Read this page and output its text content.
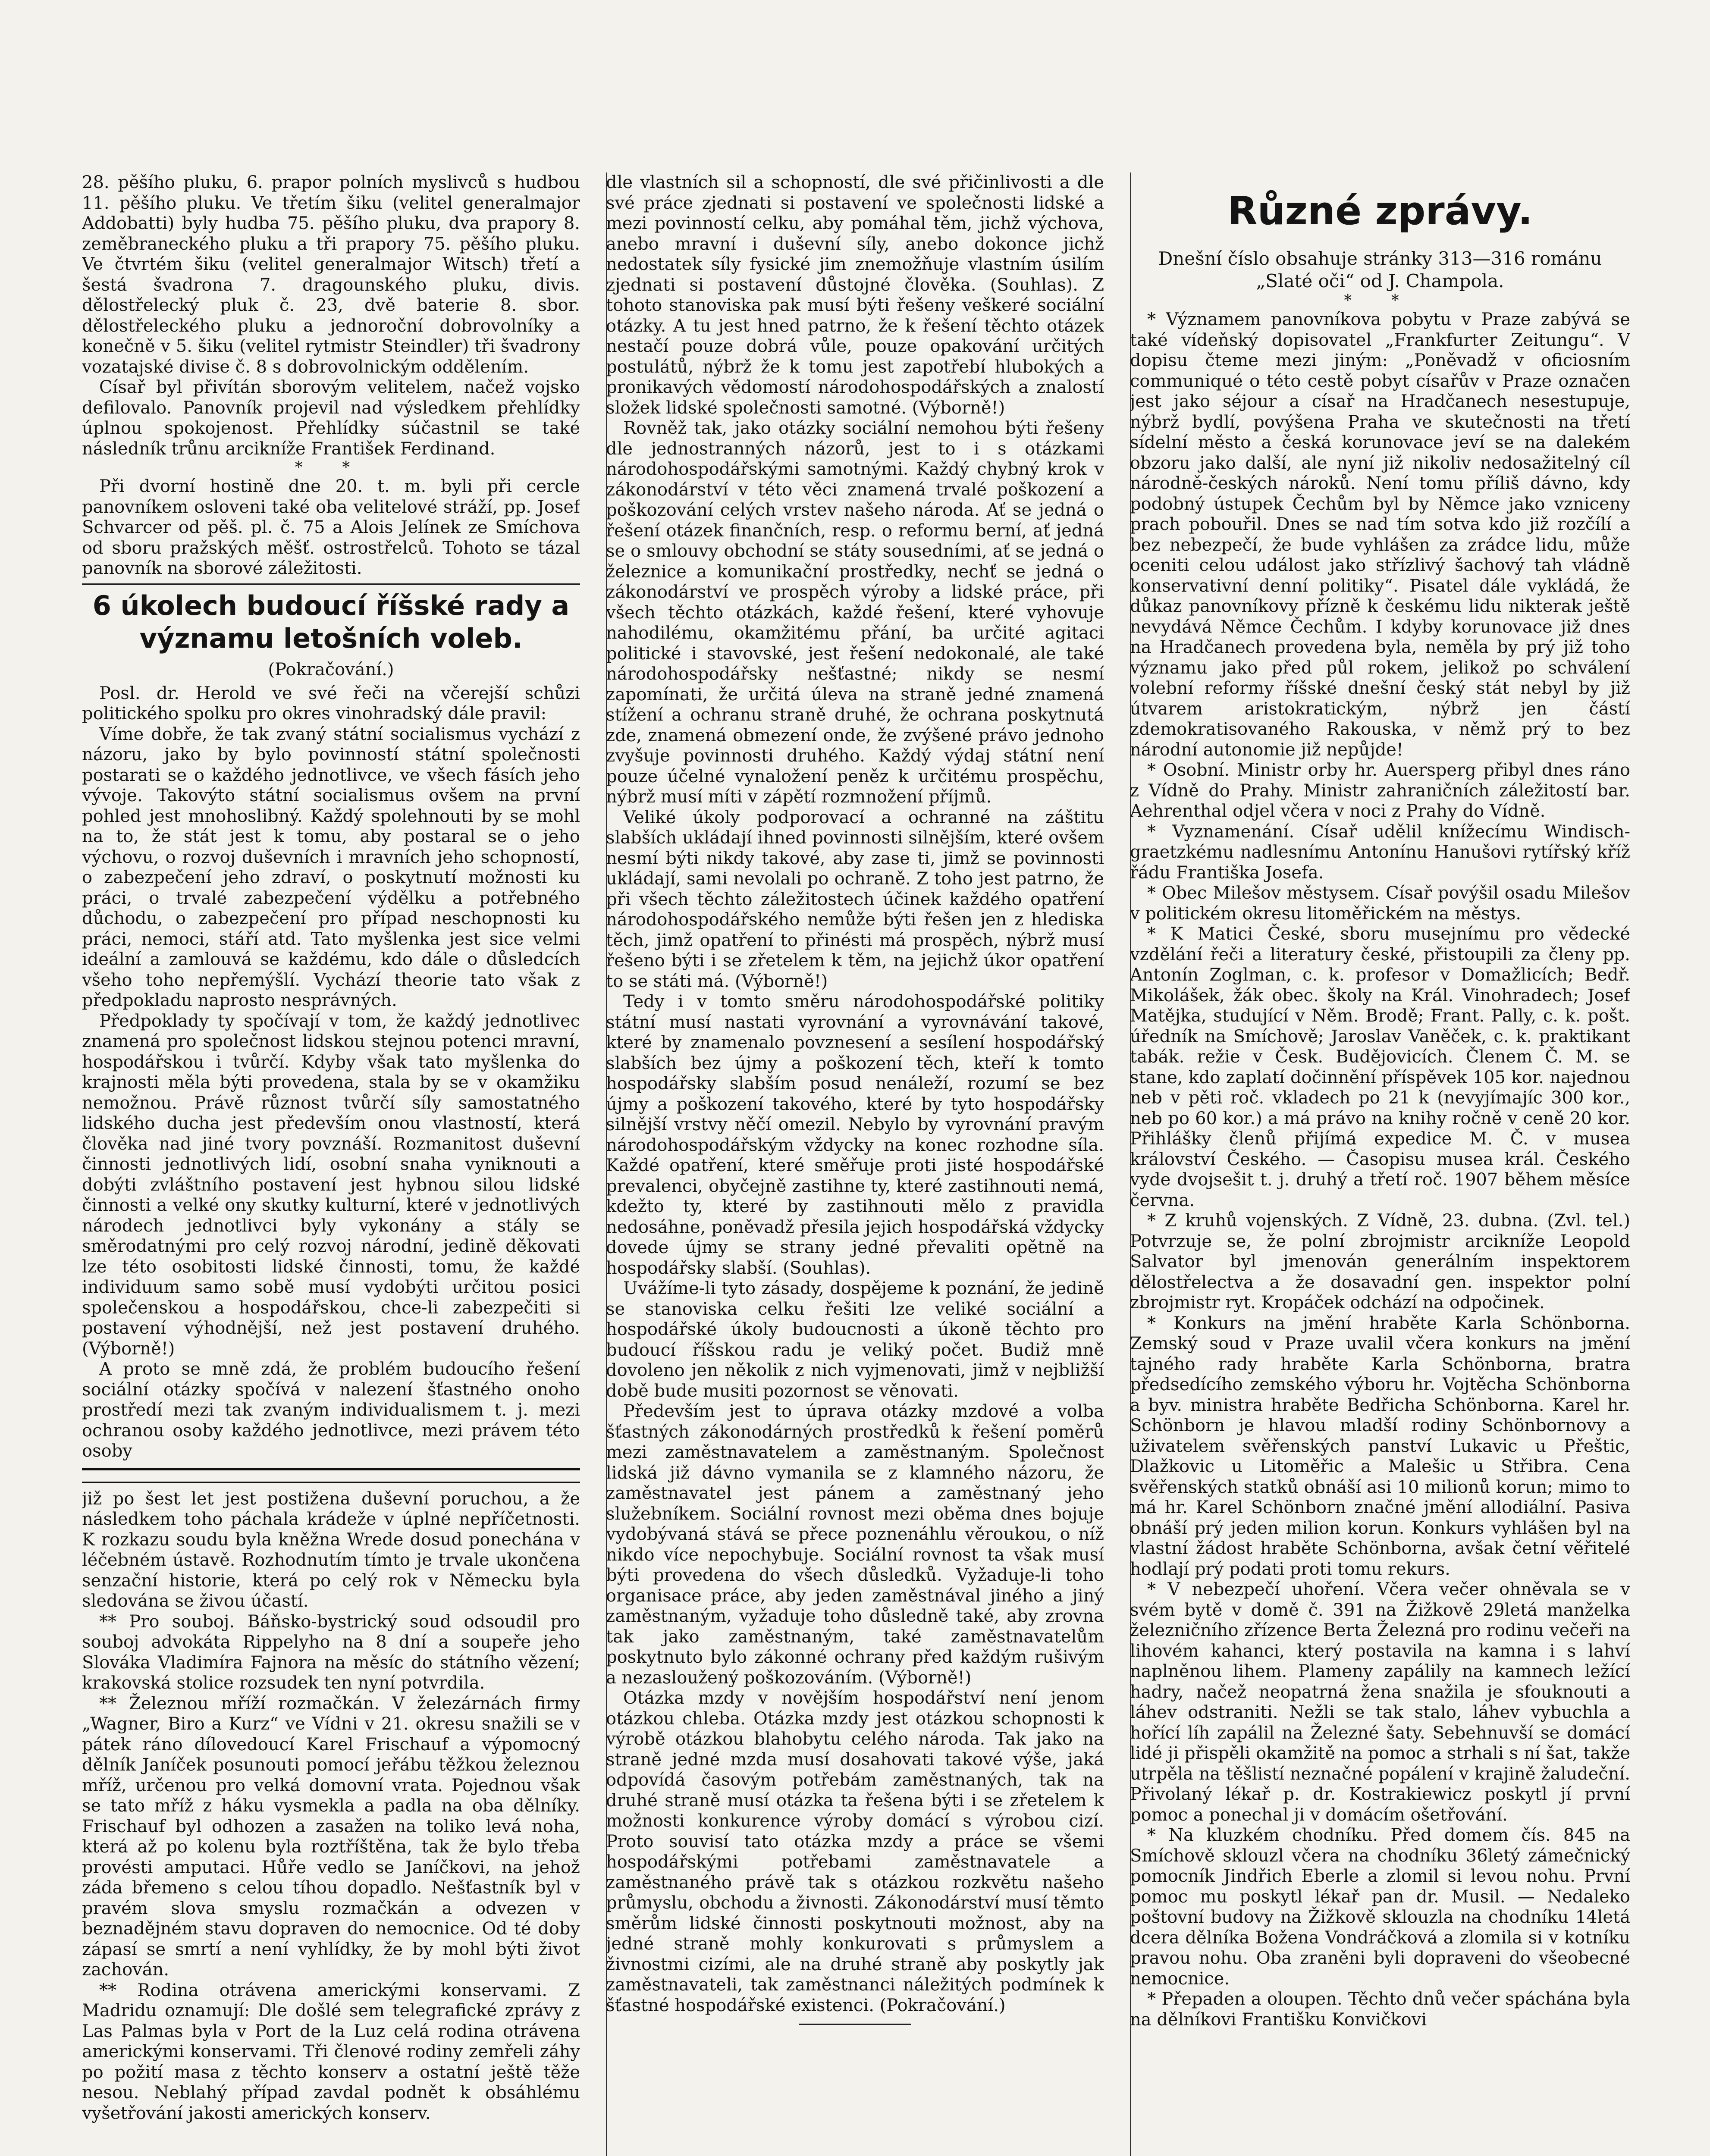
28. pěšího pluku, 6. prapor polních myslivců s hudbou 11. pěšího pluku. Ve třetím šiku (velitel generalmajor Addobatti) byly hudba 75. pěšího pluku, dva prapory 8. zeměbraneckého pluku a tři prapory 75. pěšího pluku. Ve čtvrtém šiku (velitel generalmajor Witsch) třetí a šestá švadrona 7. dragounského pluku, divis. dělostřelecký pluk č. 23, dvě baterie 8. sbor. dělostřeleckého pluku a jednoroční dobrovolníky a konečně v 5. šiku (velitel rytmistr Steindler) tři švadrony vozatajské divise č. 8 s dobrovolnickým oddělením.

Císař byl přivítán sborovým velitelem, načež vojsko defilovalo. Panovník projevil nad výsledkem přehlídky úplnou spokojenost. Přehlídky súčastnil se také následník trůnu arcikníže František Ferdinand.

* *

Při dvorní hostině dne 20. t. m. byli při cercle panovníkem osloveni také oba velitelové stráží, pp. Josef Schvarcer od pěš. pl. č. 75 a Alois Jelínek ze Smíchova od sboru pražských měšť. ostrostřelců. Tohoto se tázal panovník na sborové záležitosti.

6 úkolech budoucí říšské rady a významu letošních voleb.
(Pokračování.)

Posl. dr. Herold ve své řeči na včerejší schůzi politického spolku pro okres vinohradský dále pravil:

Víme dobře, že tak zvaný státní socialismus vychází z názoru, jako by bylo povinností státní společnosti postarati se o každého jednotlivce, ve všech fásích jeho vývoje. Takovýto státní socialismus ovšem na první pohled jest mnohoslibný. Každý spolehnouti by se mohl na to, že stát jest k tomu, aby postaral se o jeho výchovu, o rozvoj duševních i mravních jeho schopností, o zabezpečení jeho zdraví, o poskytnutí možnosti ku práci, o trvalé zabezpečení výdělku a potřebného důchodu, o zabezpečení pro případ neschopnosti ku práci, nemoci, stáří atd. Tato myšlenka jest sice velmi ideální a zamlouvá se každému, kdo dále o důsledcích všeho toho nepřemýšlí. Vychází theorie tato však z předpokladu naprosto nesprávných.

Předpoklady ty spočívají v tom, že každý jednotlivec znamená pro společnost lidskou stejnou potenci mravní, hospodářskou i tvůrčí. Kdyby však tato myšlenka do krajnosti měla býti provedena, stala by se v okamžiku nemožnou. Právě různost tvůrčí síly samostatného lidského ducha jest především onou vlastností, která člověka nad jiné tvory povznáší. Rozmanitost duševní činnosti jednotlivých lidí, osobní snaha vyniknouti a dobýti zvláštního postavení jest hybnou silou lidské činnosti a velké ony skutky kulturní, které v jednotlivých národech jednotlivci byly vykonány a stály se směrodatnými pro celý rozvoj národní, jedině děkovati lze této osobitosti lidské činnosti, tomu, že každé individuum samo sobě musí vydobýti určitou posici společenskou a hospodářskou, chce-li zabezpečiti si postavení výhodnější, než jest postavení druhého. (Výborně!)

A proto se mně zdá, že problém budoucího řešení sociální otázky spočívá v nalezení šťastného onoho prostředí mezi tak zvaným individualismem t. j. mezi ochranou osoby každého jednotlivce, mezi právem této osoby

již po šest let jest postižena duševní poruchou, a že následkem toho páchala krádeže v úplné nepříčetnosti. K rozkazu soudu byla kněžna Wrede dosud ponechána v léčebném ústavě. Rozhodnutím tímto je trvale ukončena senzační historie, která po celý rok v Německu byla sledována se živou účastí.

** Pro souboj. Báňsko-bystrický soud odsoudil pro souboj advokáta Rippelyho na 8 dní a soupeře jeho Slováka Vladimíra Fajnora na měsíc do státního vězení; krakovská stolice rozsudek ten nyní potvrdila.

** Železnou mříží rozmačkán. V železárnách firmy „Wagner, Biro a Kurz“ ve Vídni v 21. okresu snažili se v pátek ráno dílovedoucí Karel Frischauf a výpomocný dělník Janíček posunouti pomocí jeřábu těžkou železnou mříž, určenou pro velká domovní vrata. Pojednou však se tato mříž z háku vysmekla a padla na oba dělníky. Frischauf byl odhozen a zasažen na toliko levá noha, která až po kolenu byla roztříštěna, tak že bylo třeba provésti amputaci. Hůře vedlo se Janíčkovi, na jehož záda břemeno s celou tíhou dopadlo. Nešťastník byl v pravém slova smyslu rozmačkán a odvezen v beznadějném stavu dopraven do nemocnice. Od té doby zápasí se smrtí a není vyhlídky, že by mohl býti život zachován.

** Rodina otrávena americkými konservami. Z Madridu oznamují: Dle došlé sem telegrafické zprávy z Las Palmas byla v Port de la Luz celá rodina otrávena americkými konservami. Tři členové rodiny zemřeli záhy po požití masa z těchto konserv a ostatní ještě těže nesou. Neblahý případ zavdal podnět k obsáhlému vyšetřování jakosti amerických konserv.

dle vlastních sil a schopností, dle své přičinlivosti a dle své práce zjednati si postavení ve společnosti lidské a mezi povinností celku, aby pomáhal těm, jichž výchova, anebo mravní i duševní síly, anebo dokonce jichž nedostatek síly fysické jim znemožňuje vlastním úsilím zjednati si postavení důstojné člověka. (Souhlas). Z tohoto stanoviska pak musí býti řešeny veškeré sociální otázky. A tu jest hned patrno, že k řešení těchto otázek nestačí pouze dobrá vůle, pouze opakování určitých postulátů, nýbrž že k tomu jest zapotřebí hlubokých a pronikavých vědomostí národohospodářských a znalostí složek lidské společnosti samotné. (Výborně!)

Rovněž tak, jako otázky sociální nemohou býti řešeny dle jednostranných názorů, jest to i s otázkami národohospodářskými samotnými. Každý chybný krok v zákonodárství v této věci znamená trvalé poškození a poškozování celých vrstev našeho národa. Ať se jedná o řešení otázek finančních, resp. o reformu berní, ať jedná se o smlouvy obchodní se státy sousedními, ať se jedná o železnice a komunikační prostředky, nechť se jedná o zákonodárství ve prospěch výroby a lidské práce, při všech těchto otázkách, každé řešení, které vyhovuje nahodilému, okamžitému přání, ba určité agitaci politické i stavovské, jest řešení nedokonalé, ale také národohospodářsky nešťastné; nikdy se nesmí zapomínati, že určitá úleva na straně jedné znamená stížení a ochranu straně druhé, že ochrana poskytnutá zde, znamená obmezení onde, že zvýšené právo jednoho zvyšuje povinnosti druhého. Každý výdaj státní není pouze účelné vynaložení peněz k určitému prospěchu, nýbrž musí míti v zápětí rozmnožení příjmů.

Veliké úkoly podporovací a ochranné na záštitu slabších ukládají ihned povinnosti silnějším, které ovšem nesmí býti nikdy takové, aby zase ti, jimž se povinnosti ukládají, sami nevolali po ochraně. Z toho jest patrno, že při všech těchto záležitostech účinek každého opatření národohospodářského nemůže býti řešen jen z hlediska těch, jimž opatření to přinésti má prospěch, nýbrž musí řešeno býti i se zřetelem k těm, na jejichž úkor opatření to se státi má. (Výborně!)

Tedy i v tomto směru národohospodářské politiky státní musí nastati vyrovnání a vyrovnávání takové, které by znamenalo povznesení a sesílení hospodářský slabších bez újmy a poškození těch, kteří k tomto hospodářsky slabším posud nenáleží, rozumí se bez újmy a poškození takového, které by tyto hospodářsky silnější vrstvy něčí omezil. Nebylo by vyrovnání pravým národohospodářským vždycky na konec rozhodne síla. Každé opatření, které směřuje proti jisté hospodářské prevalenci, obyčejně zastihne ty, které zastihnouti nemá, kdežto ty, které by zastihnouti mělo z pravidla nedosáhne, poněvadž přesila jejich hospodářská vždycky dovede újmy se strany jedné převaliti opětně na hospodářsky slabší. (Souhlas).

Uvážíme-li tyto zásady, dospějeme k poznání, že jedině se stanoviska celku řešiti lze veliké sociální a hospodářské úkoly budoucnosti a úkoně těchto pro budoucí říšskou radu je veliký počet. Budiž mně dovoleno jen několik z nich vyjmenovati, jimž v nejbližší době bude musiti pozornost se věnovati.

Především jest to úprava otázky mzdové a volba šťastných zákonodárných prostředků k řešení poměrů mezi zaměstnavatelem a zaměstnaným. Společnost lidská již dávno vymanila se z klamného názoru, že zaměstnavatel jest pánem a zaměstnaný jeho služebníkem. Sociální rovnost mezi oběma dnes bojuje vydobývaná stává se přece poznenáhlu věroukou, o níž nikdo více nepochybuje. Sociální rovnost ta však musí býti provedena do všech důsledků. Vyžaduje-li toho organisace práce, aby jeden zaměstnával jiného a jiný zaměstnaným, vyžaduje toho důsledně také, aby zrovna tak jako zaměstnaným, také zaměstnavatelům poskytnuto bylo zákonné ochrany před každým rušivým a nezasloužený poškozováním. (Výborně!)

Otázka mzdy v novějším hospodářství není jenom otázkou chleba. Otázka mzdy jest otázkou schopnosti k výrobě otázkou blahobytu celého národa. Tak jako na straně jedné mzda musí dosahovati takové výše, jaká odpovídá časovým potřebám zaměstnaných, tak na druhé straně musí otázka ta řešena býti i se zřetelem k možnosti konkurence výroby domácí s výrobou cizí. Proto souvisí tato otázka mzdy a práce se všemi hospodářskými potřebami zaměstnavatele a zaměstnaného právě tak s otázkou rozkvětu našeho průmyslu, obchodu a živnosti. Zákonodárství musí těmto směrům lidské činnosti poskytnouti možnost, aby na jedné straně mohly konkurovati s průmyslem a živnostmi cizími, ale na druhé straně aby poskytly jak zaměstnavateli, tak zaměstnanci náležitých podmínek k šťastné hospodářské existenci. (Pokračování.)

Různé zprávy.

Dnešní číslo obsahuje stránky 313—316 románu „Slaté oči“ od J. Champola.

* *

* Významem panovníkova pobytu v Praze zabývá se také vídeňský dopisovatel „Frankfurter Zeitungu“. V dopisu čteme mezi jiným: „Poněvadž v oficiosním communiqué o této cestě pobyt císařův v Praze označen jest jako séjour a císař na Hradčanech nesestupuje, nýbrž bydlí, povýšena Praha ve skutečnosti na třetí sídelní město a česká korunovace jeví se na dalekém obzoru jako další, ale nyní již nikoliv nedosažitelný cíl národně-českých nároků. Není tomu příliš dávno, kdy podobný ústupek Čechům byl by Němce jako vzniceny prach pobouřil. Dnes se nad tím sotva kdo již rozčílí a bez nebezpečí, že bude vyhlášen za zrádce lidu, může oceniti celou událost jako střízlivý šachový tah vládně konservativní denní politiky“. Pisatel dále vykládá, že důkaz panovníkovy přízně k českému lidu nikterak ještě nevydává Němce Čechům. I kdyby korunovace již dnes na Hradčanech provedena byla, neměla by prý již toho významu jako před půl rokem, jelikož po schválení volební reformy říšské dnešní český stát nebyl by již útvarem aristokratickým, nýbrž jen částí zdemokratisovaného Rakouska, v němž prý to bez národní autonomie již nepůjde!

* Osobní. Ministr orby hr. Auersperg přibyl dnes ráno z Vídně do Prahy. Ministr zahraničních záležitostí bar. Aehrenthal odjel včera v noci z Prahy do Vídně.

* Vyznamenání. Císař udělil knížecímu Windisch-graetzkému nadlesnímu Antonínu Hanušovi rytířský kříž řádu Františka Josefa.

* Obec Milešov městysem. Císař povýšil osadu Milešov v politickém okresu litoměřickém na městys.

* K Matici České, sboru musejnímu pro vědecké vzdělání řeči a literatury české, přistoupili za členy pp. Antonín Zoglman, c. k. profesor v Domažlicích; Bedř. Mikolášek, žák obec. školy na Král. Vinohradech; Josef Matějka, studující v Něm. Brodě; Frant. Pally, c. k. pošt. úředník na Smíchově; Jaroslav Vaněček, c. k. praktikant tabák. režie v Česk. Budějovicích. Členem Č. M. se stane, kdo zaplatí dočinnění příspěvek 105 kor. najednou neb v pěti roč. vkladech po 21 k (nevyjímajíc 300 kor., neb po 60 kor.) a má právo na knihy ročně v ceně 20 kor. Přihlášky členů přijímá expedice M. Č. v musea království Českého. — Časopisu musea král. Českého vyde dvojsešit t. j. druhý a třetí roč. 1907 během měsíce června.

* Z kruhů vojenských. Z Vídně, 23. dubna. (Zvl. tel.) Potvrzuje se, že polní zbrojmistr arcikníže Leopold Salvator byl jmenován generálním inspektorem dělostřelectva a že dosavadní gen. inspektor polní zbrojmistr ryt. Kropáček odchází na odpočinek.

* Konkurs na jmění hraběte Karla Schönborna. Zemský soud v Praze uvalil včera konkurs na jmění tajného rady hraběte Karla Schönborna, bratra předsedícího zemského výboru hr. Vojtěcha Schönborna a byv. ministra hraběte Bedřicha Schönborna. Karel hr. Schönborn je hlavou mladší rodiny Schönbornovy a uživatelem svěřenských panství Lukavic u Přeštic, Dlažkovic u Litoměřic a Malešic u Střibra. Cena svěřenských statků obnáší asi 10 milionů korun; mimo to má hr. Karel Schönborn značné jmění allodiální. Pasiva obnáší prý jeden milion korun. Konkurs vyhlášen byl na vlastní žádost hraběte Schönborna, avšak četní věřitelé hodlají prý podati proti tomu rekurs.

* V nebezpečí uhoření. Včera večer ohněvala se v svém bytě v domě č. 391 na Žižkově 29letá manželka železničního zřízence Berta Železná pro rodinu večeři na lihovém kahanci, který postavila na kamna i s lahví naplněnou lihem. Plameny zapálily na kamnech ležící hadry, načež neopatrná žena snažila je sfouknouti a láhev odstraniti. Nežli se tak stalo, láhev vybuchla a hořící líh zapálil na Železné šaty. Sebehnuvší se domácí lidé ji přispěli okamžitě na pomoc a strhali s ní šat, takže utrpěla na těšlistí neznačné popálení v krajině žaludeční. Přivolaný lékař p. dr. Kostrakiewicz poskytl jí první pomoc a ponechal ji v domácím ošetřování.

* Na kluzkém chodníku. Před domem čís. 845 na Smíchově sklouzl včera na chodníku 36letý zámečnický pomocník Jindřich Eberle a zlomil si levou nohu. První pomoc mu poskytl lékař pan dr. Musil. — Nedaleko poštovní budovy na Žižkově sklouzla na chodníku 14letá dcera dělníka Božena Vondráčková a zlomila si v kotníku pravou nohu. Oba zraněni byli dopraveni do všeobecné nemocnice.

* Přepaden a oloupen. Těchto dnů večer spáchána byla na dělníkovi Františku Konvičkovi
